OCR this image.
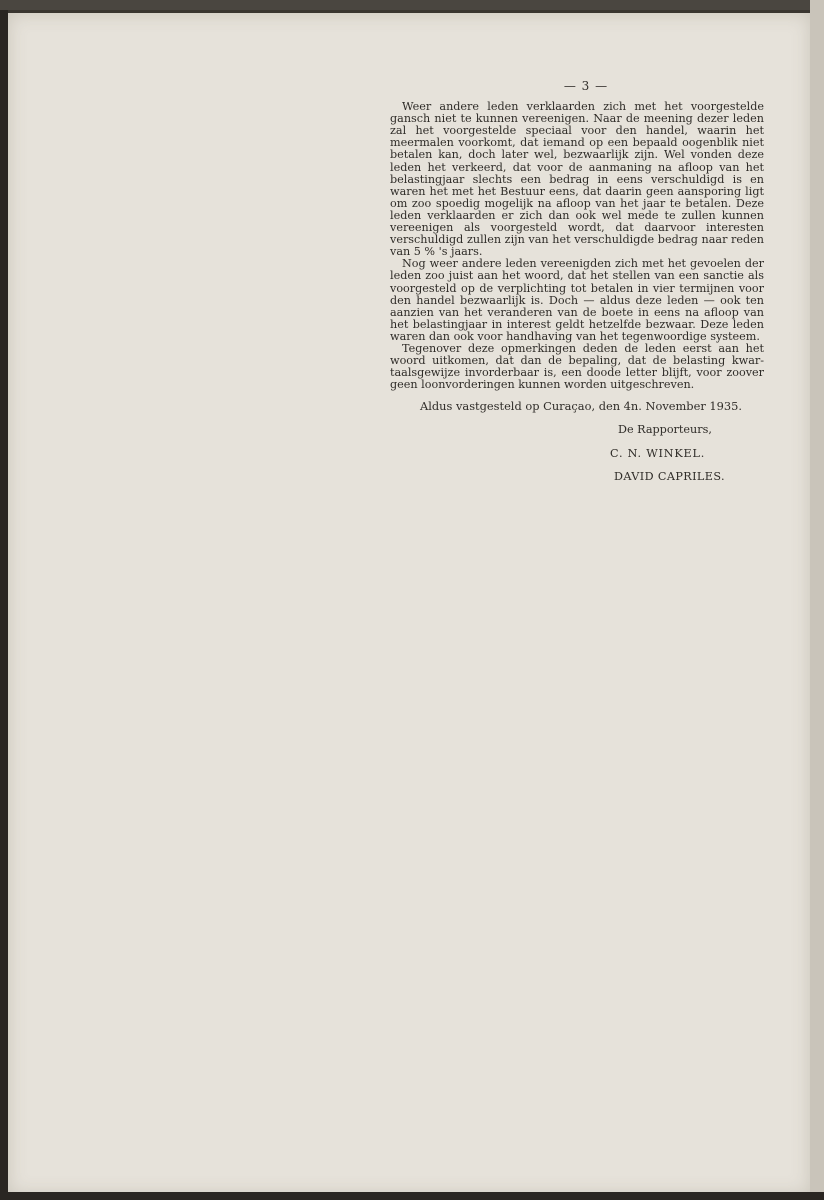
— 3 —

Weer andere leden verklaarden zich met het voorgestelde gansch niet te kunnen vereenigen. Naar de meening dezer leden zal het voorgestelde speciaal voor den handel, waarin het meermalen voorkomt, dat iemand op een bepaald oogenblik niet betalen kan, doch later wel, bezwaarlijk zijn. Wel vonden deze leden het verkeerd, dat voor de aanmaning na afloop van het belastingjaar slechts een bedrag in eens verschuldigd is en waren het met het Bestuur eens, dat daarin geen aansporing ligt om zoo spoedig mogelijk na afloop van het jaar te betalen. Deze leden verklaarden er zich dan ook wel mede te zullen kunnen vereenigen als voorgesteld wordt, dat daarvoor interesten verschuldigd zullen zijn van het verschuldigde bedrag naar reden van 5 % 's jaars.

Nog weer andere leden vereenigden zich met het gevoelen der leden zoo juist aan het woord, dat het stellen van een sanctie als voorgesteld op de verplichting tot betalen in vier termijnen voor den handel bezwaarlijk is. Doch — aldus deze leden — ook ten aanzien van het veranderen van de boete in eens na afloop van het belastingjaar in interest geldt hetzelfde bezwaar. Deze leden waren dan ook voor handhaving van het tegenwoordige systeem.

Tegenover deze opmerkingen deden de leden eerst aan het woord uitkomen, dat dan de bepaling, dat de belasting kwartaalsgewijze invorderbaar is, een doode letter blijft, voor zoover geen loonvorderingen kunnen worden uitgeschreven.

Aldus vastgesteld op Curaçao, den 4n. November 1935.

De Rapporteurs,
C. N. WINKEL.
DAVID CAPRILES.
